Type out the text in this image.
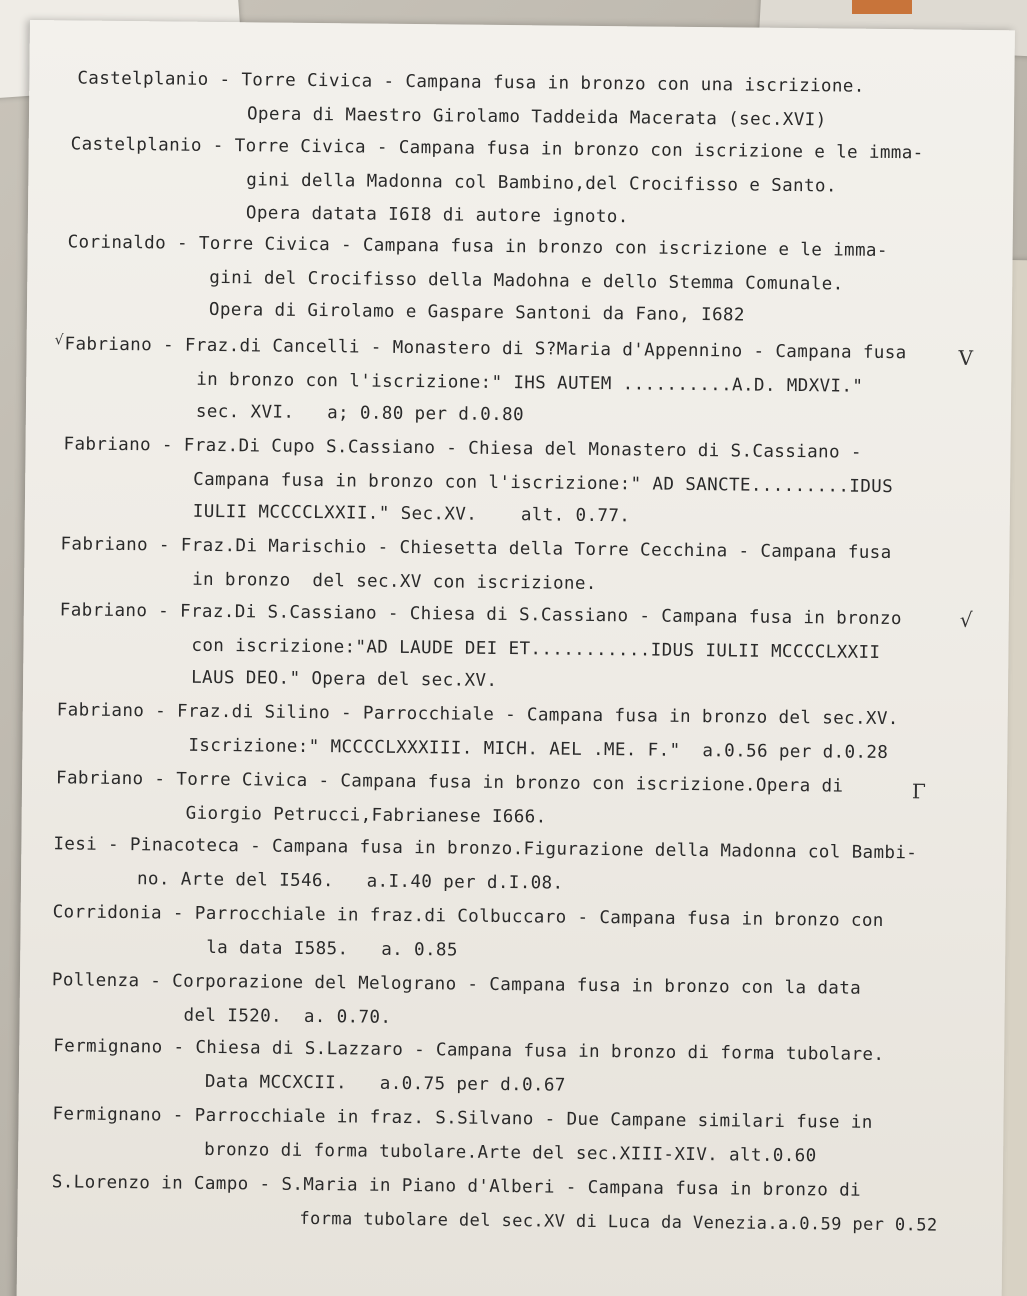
Castelplanio - Torre Civica - Campana fusa in bronzo con una iscrizione.
Opera di Maestro Girolamo Taddeida Macerata (sec.XVI)
Castelplanio - Torre Civica - Campana fusa in bronzo con iscrizione e le imma-
gini della Madonna col Bambino,del Crocifisso e Santo.
Opera datata I6I8 di autore ignoto.
Corinaldo - Torre Civica - Campana fusa in bronzo con iscrizione e le imma-
gini del Crocifisso della Madohna e dello Stemma Comunale.
Opera di Girolamo e Gaspare Santoni da Fano, I682
√ Fabriano - Fraz.di Cancelli - Monastero di S?Maria d'Appennino - Campana fusa	V
in bronzo con l'iscrizione:" IHS AUTEM ..........A.D. MDXVI."
sec. XVI.   a; 0.80 per d.0.80
Fabriano - Fraz.Di Cupo S.Cassiano - Chiesa del Monastero di S.Cassiano -
Campana fusa in bronzo con l'iscrizione:" AD SANCTE.........IDUS
IULII MCCCCLXXII." Sec.XV.    alt. 0.77.
Fabriano - Fraz.Di Marischio - Chiesetta della Torre Cecchina - Campana fusa
in bronzo  del sec.XV con iscrizione.
Fabriano - Fraz.Di S.Cassiano - Chiesa di S.Cassiano - Campana fusa in bronzo	√
con iscrizione:"AD LAUDE DEI ET...........IDUS IULII MCCCCLXXII
LAUS DEO." Opera del sec.XV.
Fabriano - Fraz.di Silino - Parrocchiale - Campana fusa in bronzo del sec.XV.
Iscrizione:" MCCCCLXXXIII. MICH. AEL .ME. F."  a.0.56 per d.0.28
Fabriano - Torre Civica - Campana fusa in bronzo con iscrizione.Opera di	Γ
Giorgio Petrucci,Fabrianese I666.
Iesi - Pinacoteca - Campana fusa in bronzo.Figurazione della Madonna col Bambi-
no. Arte del I546.   a.I.40 per d.I.08.
Corridonia - Parrocchiale in fraz.di Colbuccaro - Campana fusa in bronzo con
la data I585.   a. 0.85
Pollenza - Corporazione del Melograno - Campana fusa in bronzo con la data
del I520.  a. 0.70.
Fermignano - Chiesa di S.Lazzaro - Campana fusa in bronzo di forma tubolare.
Data MCCXCII.   a.0.75 per d.0.67
Fermignano - Parrocchiale in fraz. S.Silvano - Due Campane similari fuse in
bronzo di forma tubolare.Arte del sec.XIII-XIV. alt.0.60
S.Lorenzo in Campo - S.Maria in Piano d'Alberi - Campana fusa in bronzo di
forma tubolare del sec.XV di Luca da Venezia.a.0.59 per 0.52
